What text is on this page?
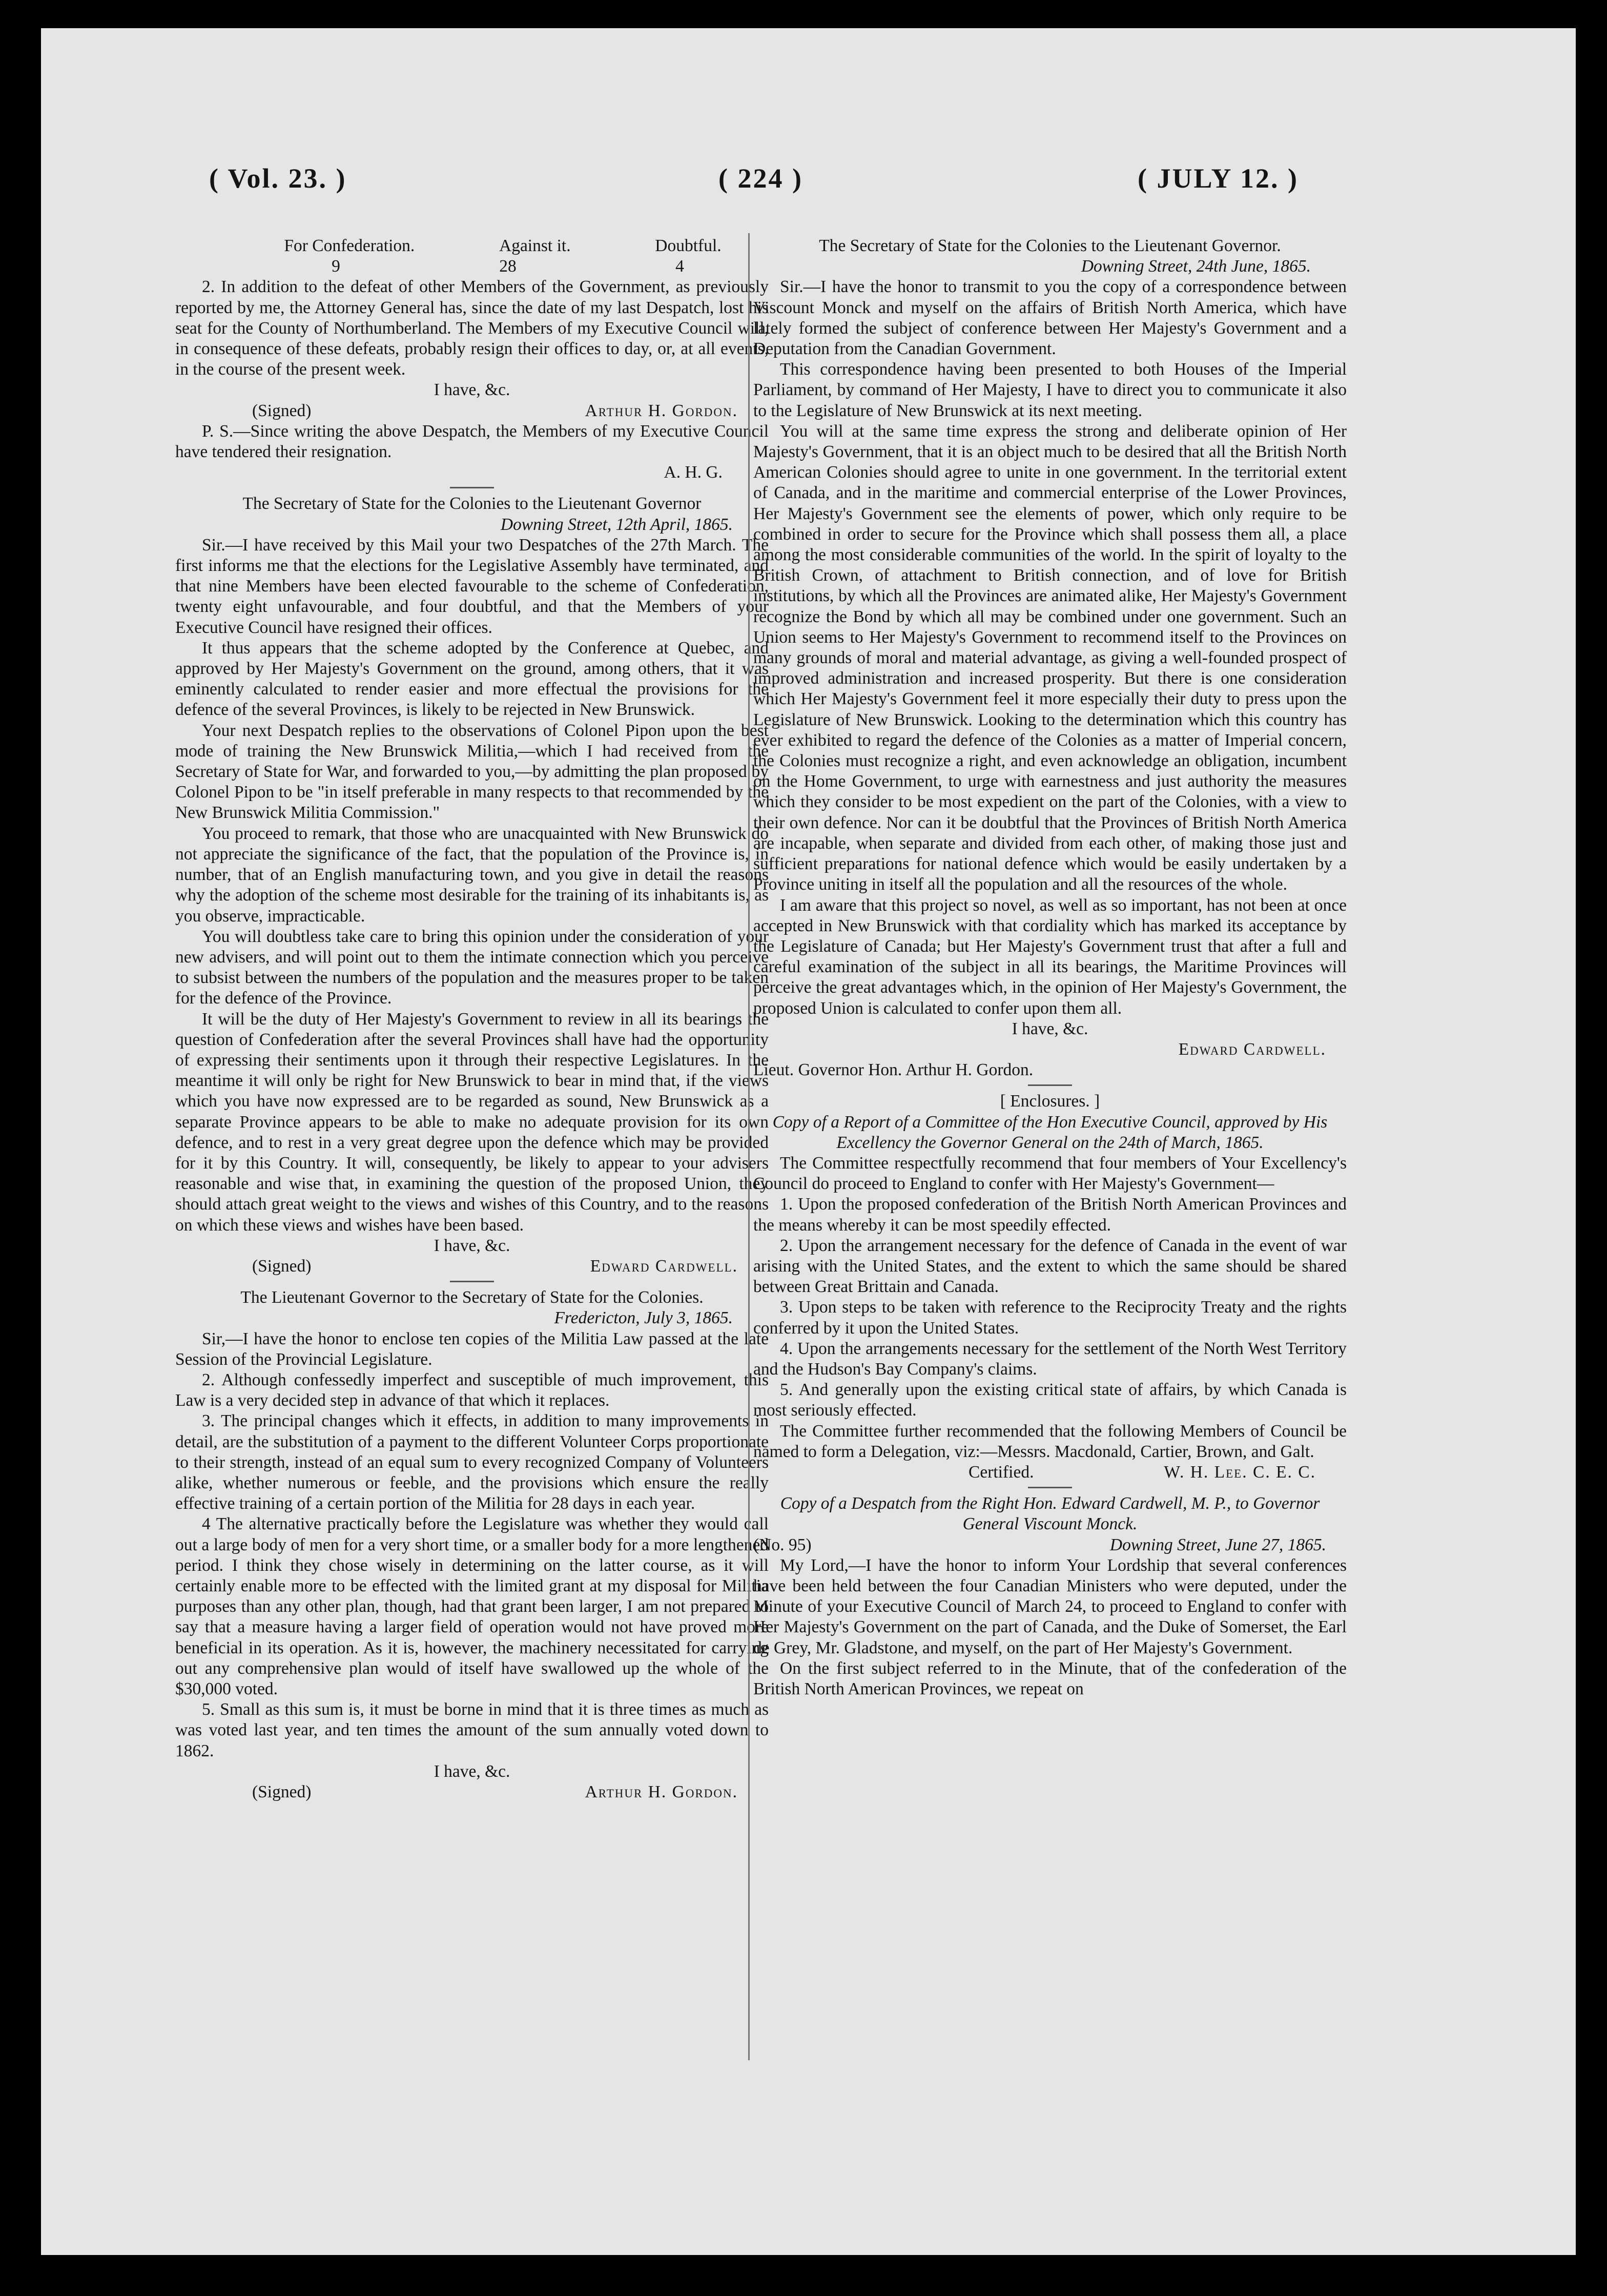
( Vol. 23. )	( 224 )	( JULY 12. )
For Confederation.	Against it.	Doubtful.
9	28	4

2. In addition to the defeat of other Members of the Government, as previously reported by me, the Attorney General has, since the date of my last Despatch, lost his seat for the County of Northumberland. The Members of my Executive Council will, in consequence of these defeats, probably resign their offices to day, or, at all events, in the course of the present week.

I have, &c.

(Signed)	Arthur H. Gordon.

P. S.—Since writing the above Despatch, the Members of my Executive Council have tendered their resignation.

A. H. G.

The Secretary of State for the Colonies to the Lieutenant Governor

Downing Street, 12th April, 1865.

Sir.—I have received by this Mail your two Despatches of the 27th March. The first informs me that the elections for the Legislative Assembly have terminated, and that nine Members have been elected favourable to the scheme of Confederation, twenty eight unfavourable, and four doubtful, and that the Members of your Executive Council have resigned their offices.

It thus appears that the scheme adopted by the Conference at Quebec, and approved by Her Majesty's Government on the ground, among others, that it was eminently calculated to render easier and more effectual the provisions for the defence of the several Provinces, is likely to be rejected in New Brunswick.

Your next Despatch replies to the observations of Colonel Pipon upon the best mode of training the New Brunswick Militia,—which I had received from the Secretary of State for War, and forwarded to you,—by admitting the plan proposed by Colonel Pipon to be "in itself preferable in many respects to that recommended by the New Brunswick Militia Commission."

You proceed to remark, that those who are unacquainted with New Brunswick do not appreciate the significance of the fact, that the population of the Province is, in number, that of an English manufacturing town, and you give in detail the reasons why the adoption of the scheme most desirable for the training of its inhabitants is, as you observe, impracticable.

You will doubtless take care to bring this opinion under the consideration of your new advisers, and will point out to them the intimate connection which you perceive to subsist between the numbers of the population and the measures proper to be taken for the defence of the Province.

It will be the duty of Her Majesty's Government to review in all its bearings the question of Confederation after the several Provinces shall have had the opportunity of expressing their sentiments upon it through their respective Legislatures. In the meantime it will only be right for New Brunswick to bear in mind that, if the views which you have now expressed are to be regarded as sound, New Brunswick as a separate Province appears to be able to make no adequate provision for its own defence, and to rest in a very great degree upon the defence which may be provided for it by this Country. It will, consequently, be likely to appear to your advisers reasonable and wise that, in examining the question of the proposed Union, they should attach great weight to the views and wishes of this Country, and to the reasons on which these views and wishes have been based.

I have, &c.

(Signed)	Edward Cardwell.

The Lieutenant Governor to the Secretary of State for the Colonies.

Fredericton, July 3, 1865.

Sir,—I have the honor to enclose ten copies of the Militia Law passed at the late Session of the Provincial Legislature.

2. Although confessedly imperfect and susceptible of much improvement, this Law is a very decided step in advance of that which it replaces.

3. The principal changes which it effects, in addition to many improvements in detail, are the substitution of a payment to the different Volunteer Corps proportionate to their strength, instead of an equal sum to every recognized Company of Volunteers alike, whether numerous or feeble, and the provisions which ensure the really effective training of a certain portion of the Militia for 28 days in each year.

4 The alternative practically before the Legislature was whether they would call out a large body of men for a very short time, or a smaller body for a more lengthened period. I think they chose wisely in determining on the latter course, as it will certainly enable more to be effected with the limited grant at my disposal for Militia purposes than any other plan, though, had that grant been larger, I am not prepared to say that a measure having a larger field of operation would not have proved more beneficial in its operation. As it is, however, the machinery necessitated for carrying out any comprehensive plan would of itself have swallowed up the whole of the $30,000 voted.

5. Small as this sum is, it must be borne in mind that it is three times as much as was voted last year, and ten times the amount of the sum annually voted down to 1862.

I have, &c.

(Signed)	Arthur H. Gordon.

The Secretary of State for the Colonies to the Lieutenant Governor.

Downing Street, 24th June, 1865.

Sir.—I have the honor to transmit to you the copy of a correspondence between Viscount Monck and myself on the affairs of British North America, which have lately formed the subject of conference between Her Majesty's Government and a Deputation from the Canadian Government.

This correspondence having been presented to both Houses of the Imperial Parliament, by command of Her Majesty, I have to direct you to communicate it also to the Legislature of New Brunswick at its next meeting.

You will at the same time express the strong and deliberate opinion of Her Majesty's Government, that it is an object much to be desired that all the British North American Colonies should agree to unite in one government. In the territorial extent of Canada, and in the maritime and commercial enterprise of the Lower Provinces, Her Majesty's Government see the elements of power, which only require to be combined in order to secure for the Province which shall possess them all, a place among the most considerable communities of the world. In the spirit of loyalty to the British Crown, of attachment to British connection, and of love for British institutions, by which all the Provinces are animated alike, Her Majesty's Government recognize the Bond by which all may be combined under one government. Such an Union seems to Her Majesty's Government to recommend itself to the Provinces on many grounds of moral and material advantage, as giving a well-founded prospect of improved administration and increased prosperity. But there is one consideration which Her Majesty's Government feel it more especially their duty to press upon the Legislature of New Brunswick. Looking to the determination which this country has ever exhibited to regard the defence of the Colonies as a matter of Imperial concern, the Colonies must recognize a right, and even acknowledge an obligation, incumbent on the Home Government, to urge with earnestness and just authority the measures which they consider to be most expedient on the part of the Colonies, with a view to their own defence. Nor can it be doubtful that the Provinces of British North America are incapable, when separate and divided from each other, of making those just and sufficient preparations for national defence which would be easily undertaken by a Province uniting in itself all the population and all the resources of the whole.

I am aware that this project so novel, as well as so important, has not been at once accepted in New Brunswick with that cordiality which has marked its acceptance by the Legislature of Canada; but Her Majesty's Government trust that after a full and careful examination of the subject in all its bearings, the Maritime Provinces will perceive the great advantages which, in the opinion of Her Majesty's Government, the proposed Union is calculated to confer upon them all.

I have, &c.

Edward Cardwell.

Lieut. Governor Hon. Arthur H. Gordon.

[ Enclosures. ]

Copy of a Report of a Committee of the Hon Executive Council, approved by His Excellency the Governor General on the 24th of March, 1865.

The Committee respectfully recommend that four members of Your Excellency's Council do proceed to England to confer with Her Majesty's Government—

1. Upon the proposed confederation of the British North American Provinces and the means whereby it can be most speedily effected.

2. Upon the arrangement necessary for the defence of Canada in the event of war arising with the United States, and the extent to which the same should be shared between Great Brittain and Canada.

3. Upon steps to be taken with reference to the Reciprocity Treaty and the rights conferred by it upon the United States.

4. Upon the arrangements necessary for the settlement of the North West Territory and the Hudson's Bay Company's claims.

5. And generally upon the existing critical state of affairs, by which Canada is most seriously effected.

The Committee further recommended that the following Members of Council be named to form a Delegation, viz:—Messrs. Macdonald, Cartier, Brown, and Galt.

Certified.	W. H. Lee. C. E. C.

Copy of a Despatch from the Right Hon. Edward Cardwell, M. P., to Governor General Viscount Monck.

(No. 95)	Downing Street, June 27, 1865.

My Lord,—I have the honor to inform Your Lordship that several conferences have been held between the four Canadian Ministers who were deputed, under the Minute of your Executive Council of March 24, to proceed to England to confer with Her Majesty's Government on the part of Canada, and the Duke of Somerset, the Earl de Grey, Mr. Gladstone, and myself, on the part of Her Majesty's Government.

On the first subject referred to in the Minute, that of the confederation of the British North American Provinces, we repeat on
